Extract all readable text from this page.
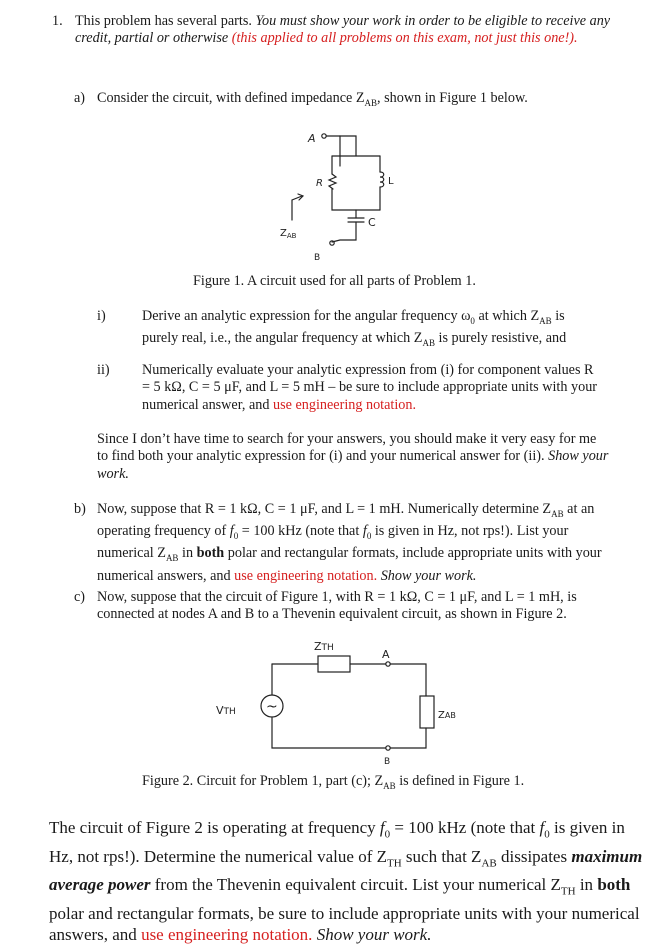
1. This problem has several parts. You must show your work in order to be eligible to receive any credit, partial or otherwise (this applied to all problems on this exam, not just this one!).
a) Consider the circuit, with defined impedance $Z_{AB}$, shown in Figure 1 below.
A
R	L
C
$Z_{AB}$
B
Figure 1. A circuit used for all parts of Problem 1.
i)	Derive an analytic expression for the angular frequency $\omega_0$ at which $Z_{AB}$ is purely real, i.e., the angular frequency at which $Z_{AB}$ is purely resistive, and
ii) Numerically evaluate your analytic expression from (i) for component values R = 5 kΩ, C = 5 μF, and L = 5 mH – be sure to include appropriate units with your numerical answer, and use engineering notation.
Since I don’t have time to search for your answers, you should make it very easy for me to find both your analytic expression for (i) and your numerical answer for (ii). Show your work.
b) Now, suppose that R = 1 kΩ, C = 1 μF, and L = 1 mH. Numerically determine $Z_{AB}$ at an operating frequency of $f_0 = 100$ kHz (note that $f_0$ is given in Hz, not rps!). List your numerical $Z_{AB}$ in both polar and rectangular formats, include appropriate units with your numerical answers, and use engineering notation. Show your work.
c) Now, suppose that the circuit of Figure 1, with R = 1 kΩ, C = 1 μF, and L = 1 mH, is connected at nodes A and B to a Thevenin equivalent circuit, as shown in Figure 2.
~
ZTH	A
VTH	ZAB
B
Figure 2. Circuit for Problem 1, part (c); $Z_{AB}$ is defined in Figure 1.
The circuit of Figure 2 is operating at frequency $f_0 = 100$ kHz (note that $f_0$ is given in Hz, not rps!). Determine the numerical value of $Z_{TH}$ such that $Z_{AB}$ dissipates maximum average power from the Thevenin equivalent circuit. List your numerical $Z_{TH}$ in both polar and rectangular formats, be sure to include appropriate units with your numerical answers, and use engineering notation. Show your work.
